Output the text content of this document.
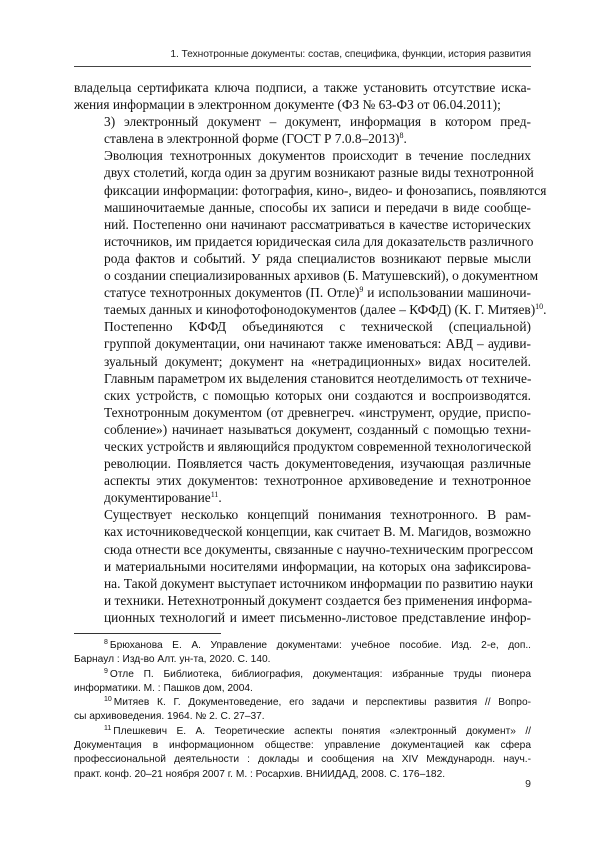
1. Технотронные документы: состав, специфика, функции, история развития

владельца сертификата ключа подписи, а также установить отсутствие иска-
жения информации в электронном документе (ФЗ № 63-ФЗ от 06.04.2011);

3) электронный документ – документ, информация в котором пред-
ставлена в электронной форме (ГОСТ Р 7.0.8–2013)$^8$.

Эволюция технотронных документов происходит в течение последних
двух столетий, когда один за другим возникают разные виды технотронной
фиксации информации: фотография, кино-, видео- и фонозапись, появляются
машиночитаемые данные, способы их записи и передачи в виде сообще-
ний. Постепенно они начинают рассматриваться в качестве исторических
источников, им придается юридическая сила для доказательств различного
рода фактов и событий. У ряда специалистов возникают первые мысли
о создании специализированных архивов (Б. Матушевский), о документном
статусе технотронных документов (П. Отле)$^9$ и использовании машиночи-
таемых данных и кинофотофонодокументов (далее – КФФД) (К. Г. Митяев)$^{10}$.

Постепенно КФФД объединяются с технической (специальной)
группой документации, они начинают также именоваться: АВД – аудиви-
зуальный документ; документ на «нетрадиционных» видах носителей.
Главным параметром их выделения становится неотделимость от техниче-
ских устройств, с помощью которых они создаются и воспроизводятся.
Технотронным документом (от древнегреч. «инструмент, орудие, приспо-
собление») начинает называться документ, созданный с помощью техни-
ческих устройств и являющийся продуктом современной технологической
революции. Появляется часть документоведения, изучающая различные
аспекты этих документов: технотронное архивоведение и технотронное
документирование$^{11}$.

Существует несколько концепций понимания технотронного. В рам-
ках источниковедческой концепции, как считает В. М. Магидов, возможно
сюда отнести все документы, связанные с научно-техническим прогрессом
и материальными носителями информации, на которых она зафиксирова-
на. Такой документ выступает источником информации по развитию науки
и техники. Нетехнотронный документ создается без применения информа-
ционных технологий и имеет письменно-листовое представление инфор-

$^8$ Брюханова Е. А. Управление документами: учебное пособие. Изд. 2-е, доп..
Барнаул : Изд-во Алт. ун-та, 2020. С. 140.

$^9$ Отле П. Библиотека, библиография, документация: избранные труды пионера
информатики. М. : Пашков дом, 2004.

$^{10}$ Митяев К. Г. Документоведение, его задачи и перспективы развития // Вопро-
сы архивоведения. 1964. № 2. С. 27–37.

$^{11}$ Плешкевич Е. А. Теоретические аспекты понятия «электронный документ» //
Документация в информационном обществе: управление документацией как сфера
профессиональной деятельности : доклады и сообщения на XIV Международн. науч.-
практ. конф. 20–21 ноября 2007 г. М. : Росархив. ВНИИДАД, 2008. С. 176–182.

9
